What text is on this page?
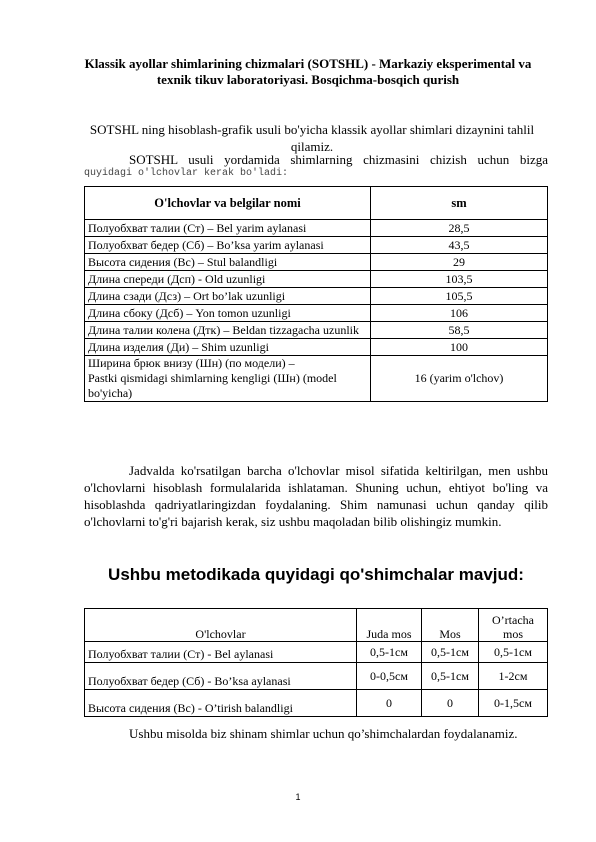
Klassik ayollar shimlarining chizmalari (SOTSHL) - Markaziy eksperimental va texnik tikuv laboratoriyasi. Bosqichma-bosqich qurish
SOTSHL ning hisoblash-grafik usuli bo'yicha klassik ayollar shimlari dizaynini tahlil qilamiz.
SOTSHL usuli yordamida shimlarning chizmasini chizish uchun bizga
quyidagi o'lchovlar kerak bo'ladi:
O'lchovlar va belgilar nomi	sm
Полуобхват талии (Ст) – Bel yarim aylanasi	28,5
Полуобхват бедер (Сб) – Bo’ksa yarim aylanasi	43,5
Высота сидения (Вс) – Stul balandligi	29
Длина спереди (Дсп) - Old uzunligi	103,5
Длина сзади (Дсз) – Ort bo’lak uzunligi	105,5
Длина сбоку (Дсб) – Yon tomon uzunligi	106
Длина талии колена (Дтк) – Beldan tizzagacha uzunlik	58,5
Длина изделия (Ди) – Shim uzunligi	100
Ширина брюк внизу (Шн) (по модели) –
Pastki qismidagi shimlarning kengligi (Шн) (model bo'yicha)	16 (yarim o'lchov)
Jadvalda ko'rsatilgan barcha o'lchovlar misol sifatida keltirilgan, men ushbu o'lchovlarni hisoblash formulalarida ishlataman. Shuning uchun, ehtiyot bo'ling va hisoblashda qadriyatlaringizdan foydalaning. Shim namunasi uchun qanday qilib o'lchovlarni to'g'ri bajarish kerak, siz ushbu maqoladan bilib olishingiz mumkin.
Ushbu metodikada quyidagi qo'shimchalar mavjud:
O'lchovlar	Juda mos	Mos	O’rtacha mos
Полуобхват талии (Ст) - Bel aylanasi	0,5-1см	0,5-1см	0,5-1см
Полуобхват бедер (Сб) - Bo’ksa aylanasi	0-0,5см	0,5-1см	1-2см
Высота сидения (Вс) - O’tirish balandligi	0	0	0-1,5см
Ushbu misolda biz shinam shimlar uchun qo’shimchalardan foydalanamiz.
1
